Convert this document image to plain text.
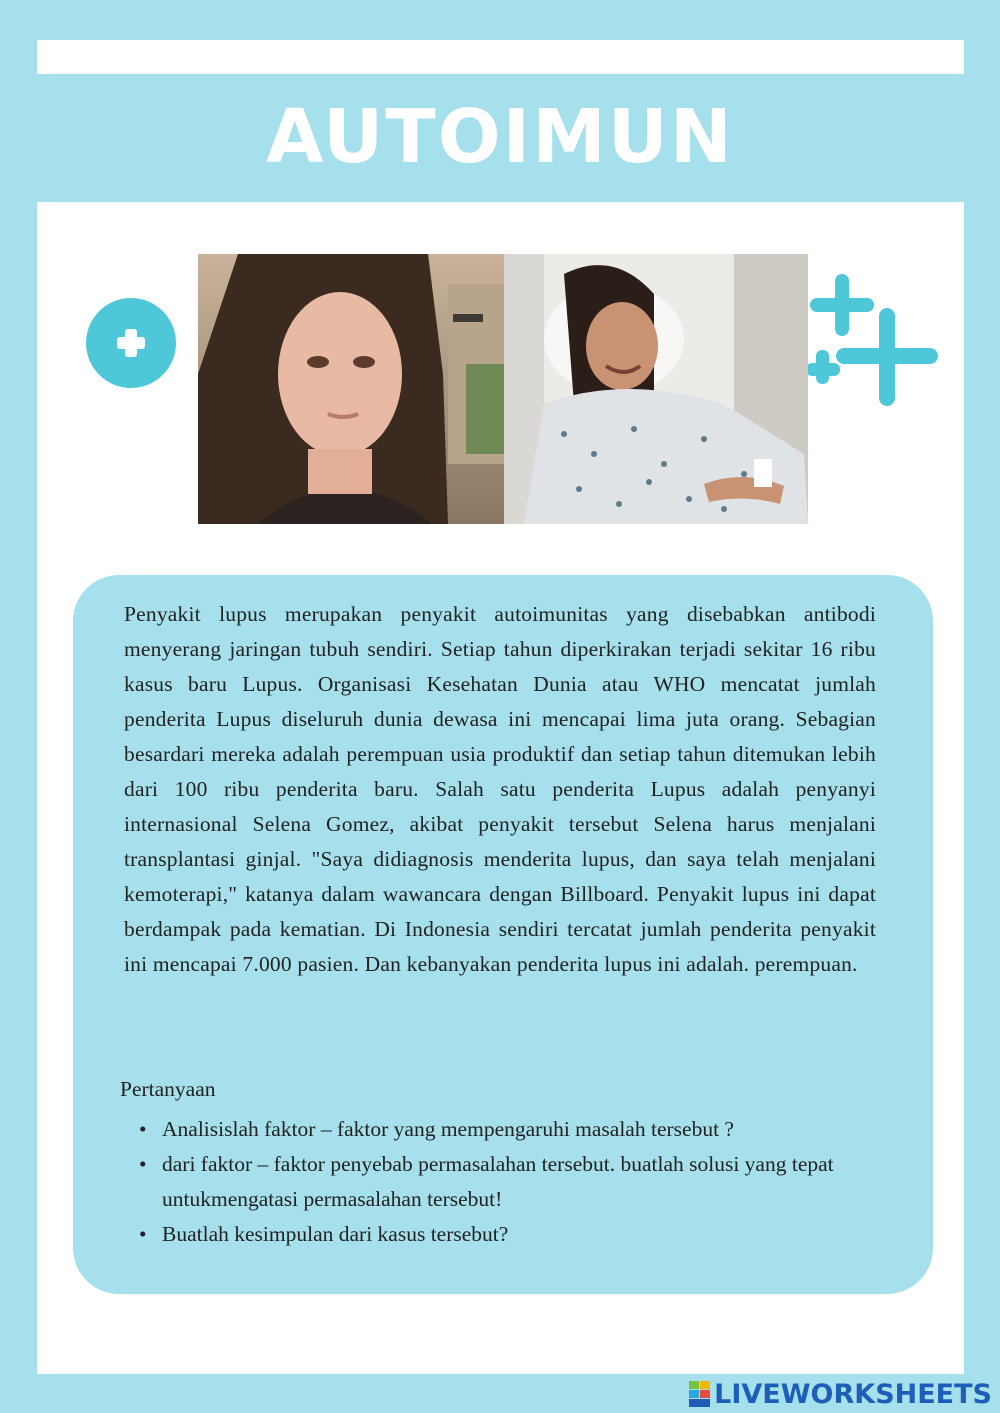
AUTOIMUN

Penyakit lupus merupakan penyakit autoimunitas yang disebabkan antibodi menyerang jaringan tubuh sendiri. Setiap tahun diperkirakan terjadi sekitar 16 ribu kasus baru Lupus. Organisasi Kesehatan Dunia atau WHO mencatat jumlah penderita Lupus diseluruh dunia dewasa ini mencapai lima juta orang. Sebagian besardari mereka adalah perempuan usia produktif dan setiap tahun ditemukan lebih dari 100 ribu penderita baru. Salah satu penderita Lupus adalah penyanyi internasional Selena Gomez, akibat penyakit tersebut Selena harus menjalani transplantasi ginjal. "Saya didiagnosis menderita lupus, dan saya telah menjalani kemoterapi," katanya dalam wawancara dengan Billboard. Penyakit lupus ini dapat berdampak pada kematian. Di Indonesia sendiri tercatat jumlah penderita penyakit ini mencapai 7.000 pasien. Dan kebanyakan penderita lupus ini adalah. perempuan.

Pertanyaan

• Analisislah faktor – faktor yang mempengaruhi masalah tersebut ?
• dari faktor – faktor penyebab permasalahan tersebut. buatlah solusi yang tepat untukmengatasi permasalahan tersebut!
• Buatlah kesimpulan dari kasus tersebut?
LIVEWORKSHEETS
